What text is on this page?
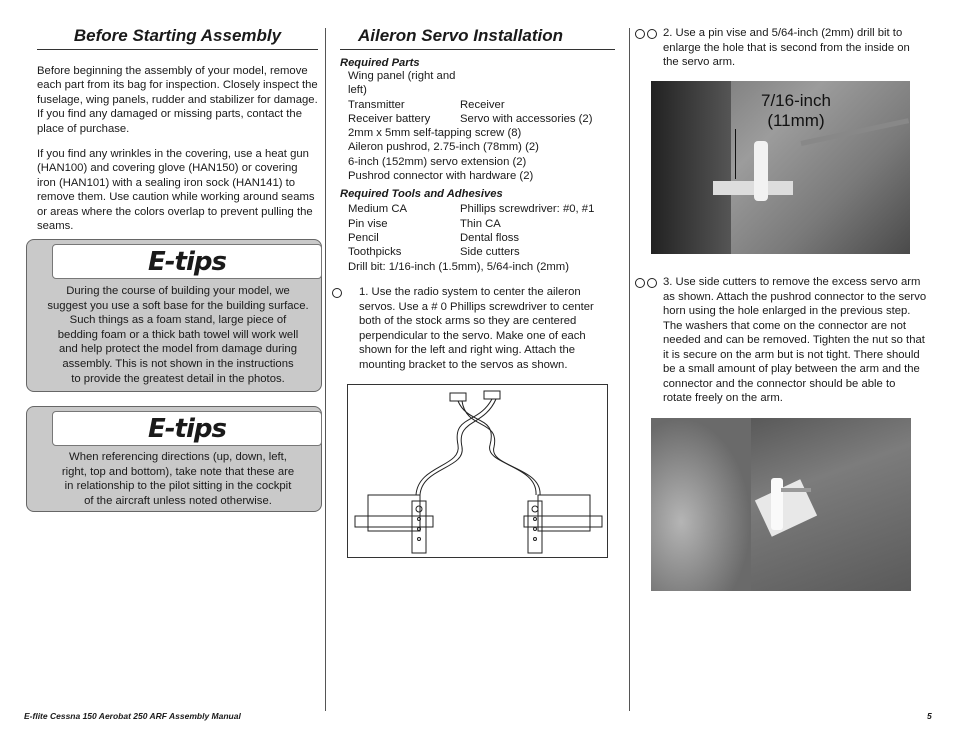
Before Starting Assembly
Before beginning the assembly of your model, remove each part from its bag for inspection. Closely inspect the fuselage, wing panels, rudder and stabilizer for damage. If you find any damaged or missing parts, contact the place of purchase.
If you find any wrinkles in the covering, use a heat gun (HAN100) and covering glove (HAN150) or covering iron (HAN101) with a sealing iron sock (HAN141) to remove them. Use caution while working around seams or areas where the colors overlap to prevent pulling the seams.
E-tips
During the course of building your model, we
suggest you use a soft base for the building surface.
Such things as a foam stand, large piece of
bedding foam or a thick bath towel will work well
and help protect the model from damage during
assembly. This is not shown in the instructions
to provide the greatest detail in the photos.
E-tips
When referencing directions (up, down, left,
right, top and bottom), take note that these are
in relationship to the pilot sitting in the cockpit
of the aircraft unless noted otherwise.
Aileron Servo Installation
Required Parts
Wing panel (right and left)
Transmitter	Receiver
Receiver battery	Servo with accessories (2)
2mm x 5mm self-tapping screw (8)
Aileron pushrod, 2.75-inch (78mm) (2)
6-inch (152mm) servo extension (2)
Pushrod connector with hardware (2)
Required Tools and Adhesives
Medium CA	Phillips screwdriver: #0, #1
Pin vise	Thin CA
Pencil	Dental floss
Toothpicks	Side cutters
Drill bit: 1/16-inch (1.5mm), 5/64-inch (2mm)
1. Use the radio system to center the aileron servos. Use a # 0 Phillips screwdriver to center both of the stock arms so they are centered perpendicular to the servo. Make one of each shown for the left and right wing. Attach the mounting bracket to the servos as shown.
2. Use a pin vise and 5/64-inch (2mm) drill bit to enlarge the hole that is second from the inside on the servo arm.
7/16-inch
(11mm)
3. Use side cutters to remove the excess servo arm as shown. Attach the pushrod connector to the servo horn using the hole enlarged in the previous step. The washers that come on the connector are not needed and can be removed. Tighten the nut so that it is secure on the arm but is not tight. There should be a small amount of play between the arm and the connector and the connector should be able to rotate freely on the arm.
E-flite Cessna 150 Aerobat 250 ARF Assembly Manual	5
